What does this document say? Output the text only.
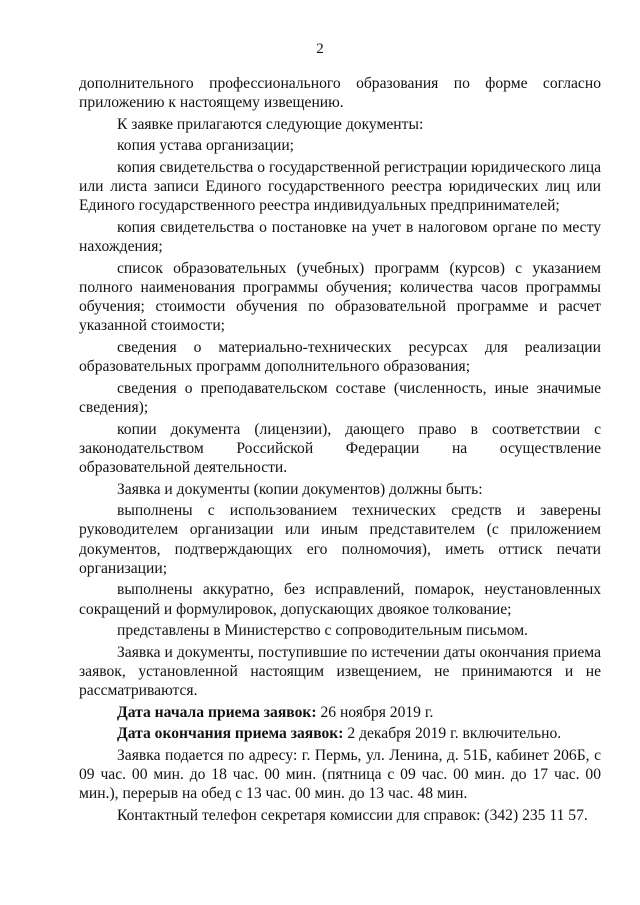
2

дополнительного профессионального образования по форме согласно приложению к настоящему извещению.

К заявке прилагаются следующие документы:

копия устава организации;

копия свидетельства о государственной регистрации юридического лица или листа записи Единого государственного реестра юридических лиц или Единого государственного реестра индивидуальных предпринимателей;

копия свидетельства о постановке на учет в налоговом органе по месту нахождения;

список образовательных (учебных) программ (курсов) с указанием полного наименования программы обучения; количества часов программы обучения; стоимости обучения по образовательной программе и расчет указанной стоимости;

сведения о материально-технических ресурсах для реализации образовательных программ дополнительного образования;

сведения о преподавательском составе (численность, иные значимые сведения);

копии документа (лицензии), дающего право в соответствии с законодательством Российской Федерации на осуществление образовательной деятельности.

Заявка и документы (копии документов) должны быть:

выполнены с использованием технических средств и заверены руководителем организации или иным представителем (с приложением документов, подтверждающих его полномочия), иметь оттиск печати организации;

выполнены аккуратно, без исправлений, помарок, неустановленных сокращений и формулировок, допускающих двоякое толкование;

представлены в Министерство с сопроводительным письмом.

Заявка и документы, поступившие по истечении даты окончания приема заявок, установленной настоящим извещением, не принимаются и не рассматриваются.

Дата начала приема заявок: 26 ноября 2019 г.

Дата окончания приема заявок: 2 декабря 2019 г. включительно.

Заявка подается по адресу: г. Пермь, ул. Ленина, д. 51Б, кабинет 206Б, с 09 час. 00 мин. до 18 час. 00 мин. (пятница с 09 час. 00 мин. до 17 час. 00 мин.), перерыв на обед с 13 час. 00 мин. до 13 час. 48 мин.

Контактный телефон секретаря комиссии для справок: (342) 235 11 57.
